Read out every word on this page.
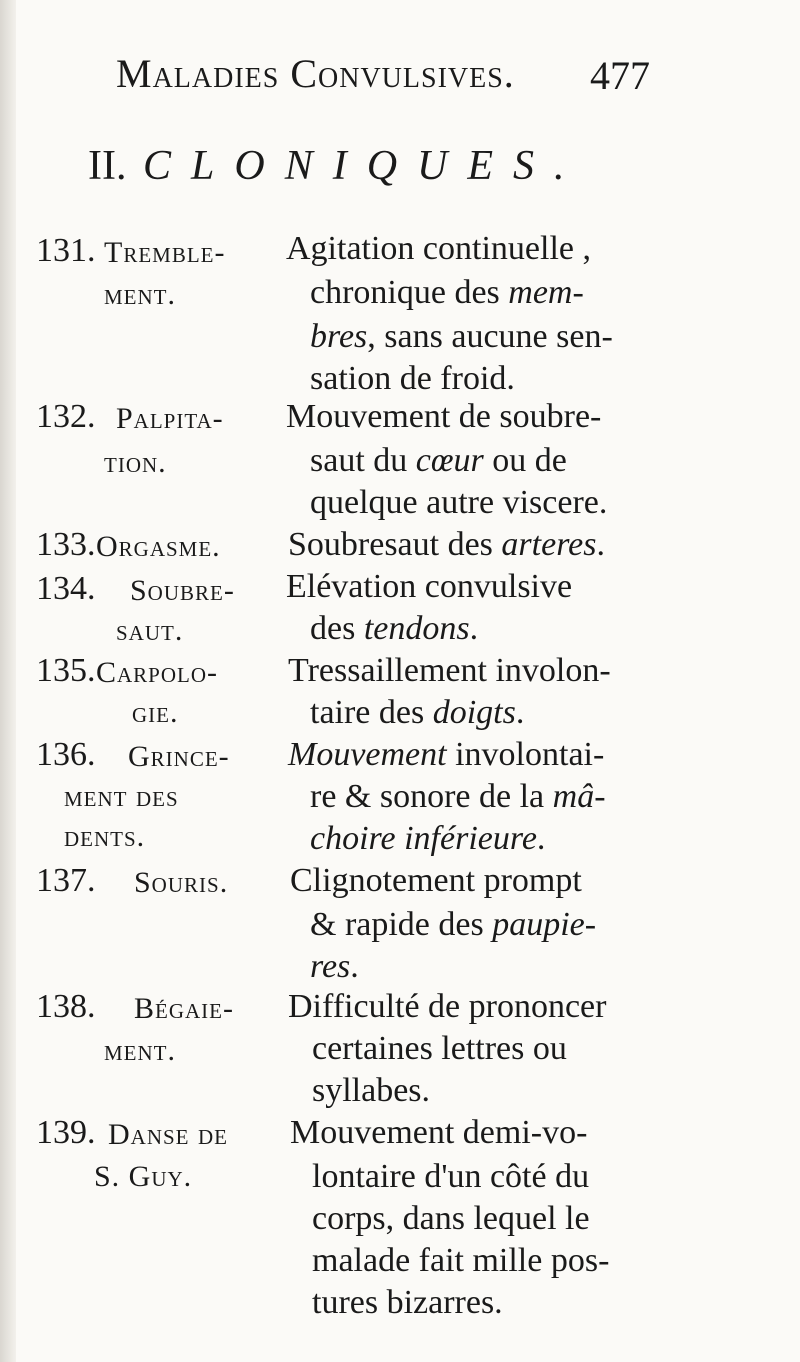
Maladies Convulsives. 477
II. CLONIQUES.
131. Tremble-
ment.
Agitation continuelle ,
chronique des mem-
bres, sans aucune sen-
sation de froid.
132. Palpita-
tion.
Mouvement de soubre-
saut du cœur ou de
quelque autre viscere.
133. Orgasme. Soubresaut des arteres.
134. Soubre-
saut.
Elévation convulsive
des tendons.
135. Carpolo-
gie.
Tressaillement involon-
taire des doigts.
136. Grince-
ment des
dents.
Mouvement involontai-
re & sonore de la mâ-
choire inférieure.
137. Souris. Clignotement prompt
& rapide des paupie-
res.
138. Bégaie-
ment.
Difficulté de prononcer
certaines lettres ou
syllabes.
139. Danse de
S. Guy.
Mouvement demi-vo-
lontaire d'un côté du
corps, dans lequel le
malade fait mille pos-
tures bizarres.
